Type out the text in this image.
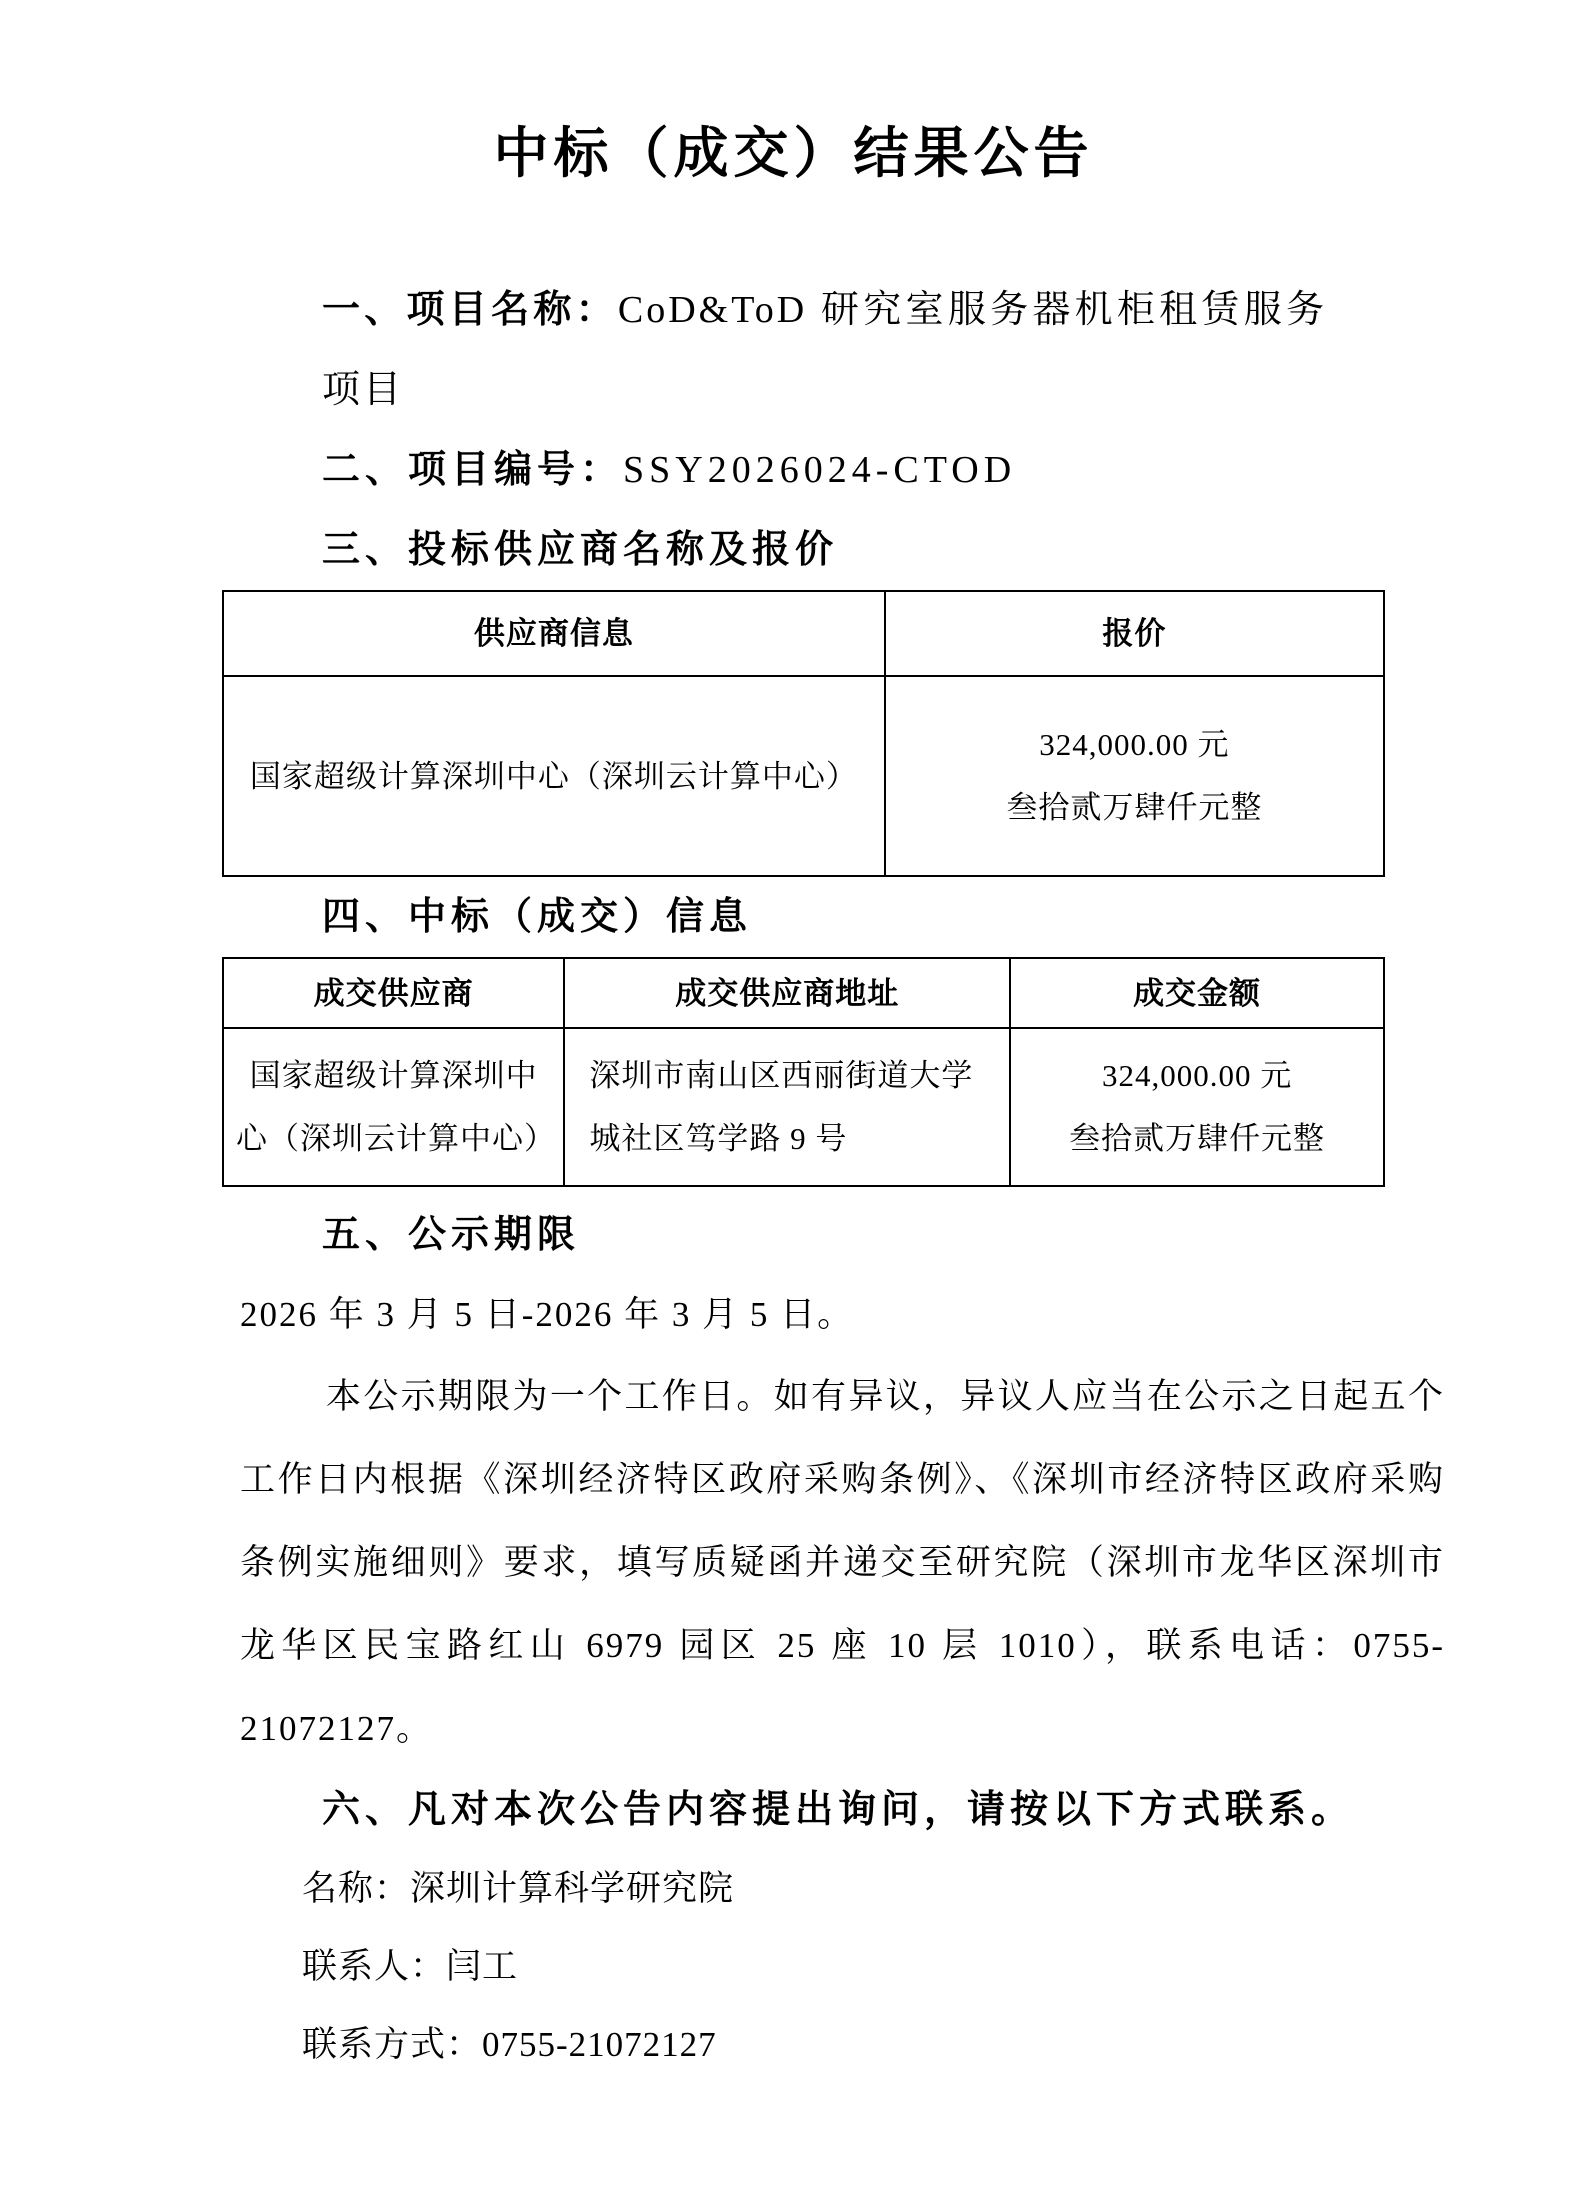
中标（成交）结果公告

一、项目名称：CoD&ToD 研究室服务器机柜租赁服务项目

二、项目编号：SSY2026024-CTOD

三、投标供应商名称及报价

供应商信息	报价
国家超级计算深圳中心（深圳云计算中心）	324,000.00 元
叁拾贰万肆仟元整

四、中标（成交）信息

成交供应商	成交供应商地址	成交金额
国家超级计算深圳中心（深圳云计算中心）	深圳市南山区西丽街道大学城社区笃学路 9 号	324,000.00 元
叁拾贰万肆仟元整

五、公示期限

2026 年 3 月 5 日-2026 年 3 月 5 日。

本公示期限为一个工作日。如有异议，异议人应当在公示之日起五个工作日内根据《深圳经济特区政府采购条例》、《深圳市经济特区政府采购条例实施细则》要求，填写质疑函并递交至研究院（深圳市龙华区深圳市龙华区民宝路红山 6979 园区 25 座 10 层 1010），联系电话：0755-21072127。

六、凡对本次公告内容提出询问，请按以下方式联系。

名称：深圳计算科学研究院

联系人：闫工

联系方式：0755-21072127
